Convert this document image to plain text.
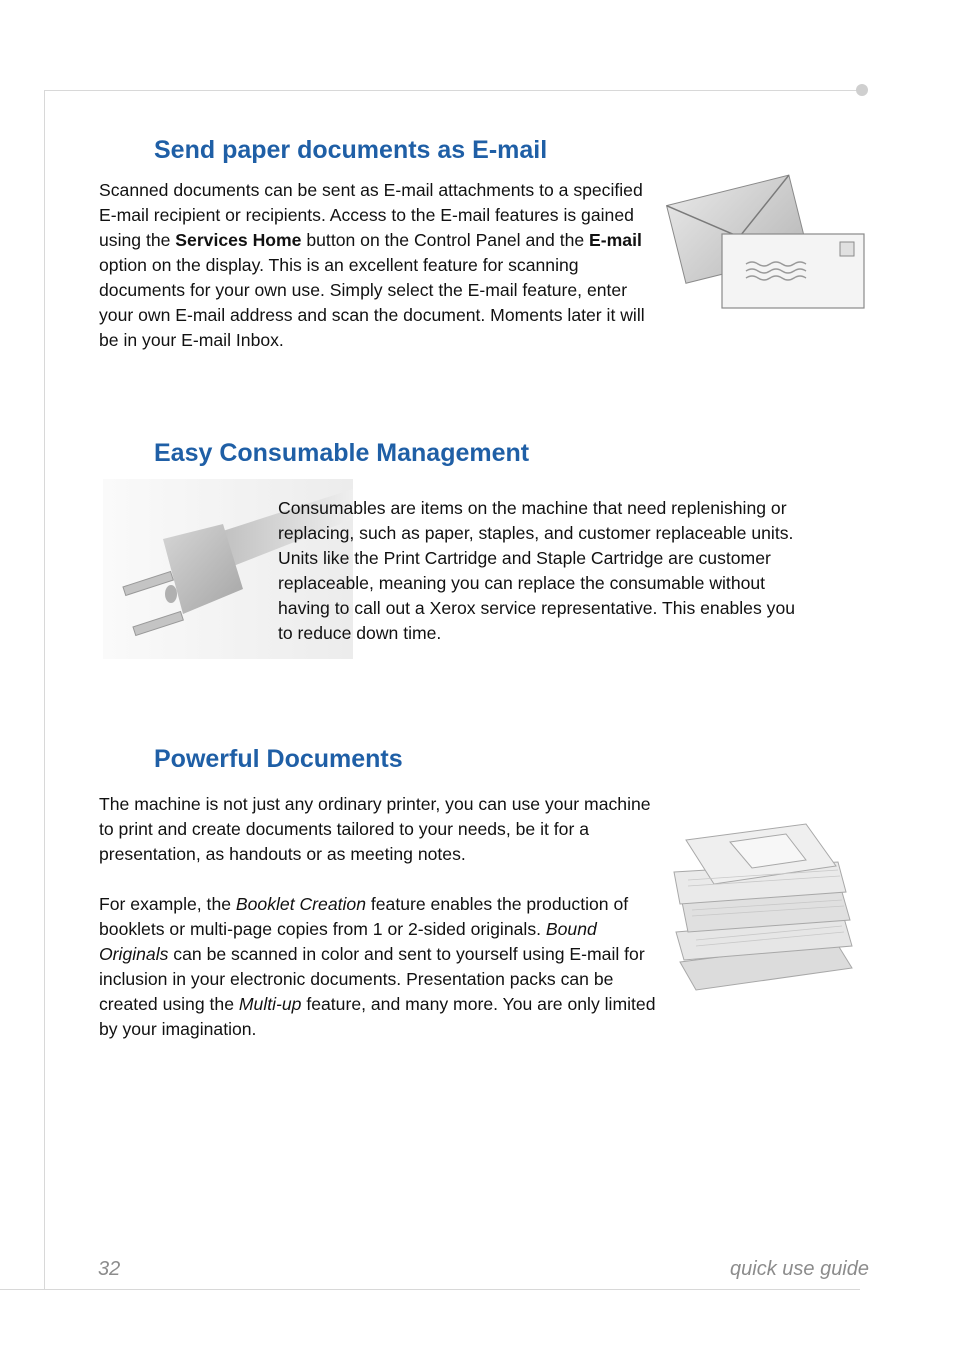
Send paper documents as E-mail

Scanned documents can be sent as E-mail attachments to a specified
E-mail recipient or recipients. Access to the E-mail features is gained
using the Services Home button on the Control Panel and the E-mail
option on the display. This is an excellent feature for scanning
documents for your own use. Simply select the E-mail feature, enter
your own E-mail address and scan the document. Moments later it will
be in your E-mail Inbox.

Easy Consumable Management

Consumables are items on the machine that need replenishing or
replacing, such as paper, staples, and customer replaceable units.
Units like the Print Cartridge and Staple Cartridge are customer
replaceable, meaning you can replace the consumable without
having to call out a Xerox service representative. This enables you
to reduce down time.

Powerful Documents

The machine is not just any ordinary printer, you can use your machine
to print and create documents tailored to your needs, be it for a
presentation, as handouts or as meeting notes.

For example, the Booklet Creation feature enables the production of
booklets or multi-page copies from 1 or 2-sided originals. Bound
Originals can be scanned in color and sent to yourself using E-mail for
inclusion in your electronic documents. Presentation packs can be
created using the Multi-up feature, and many more. You are only limited
by your imagination.

32	quick use guide
